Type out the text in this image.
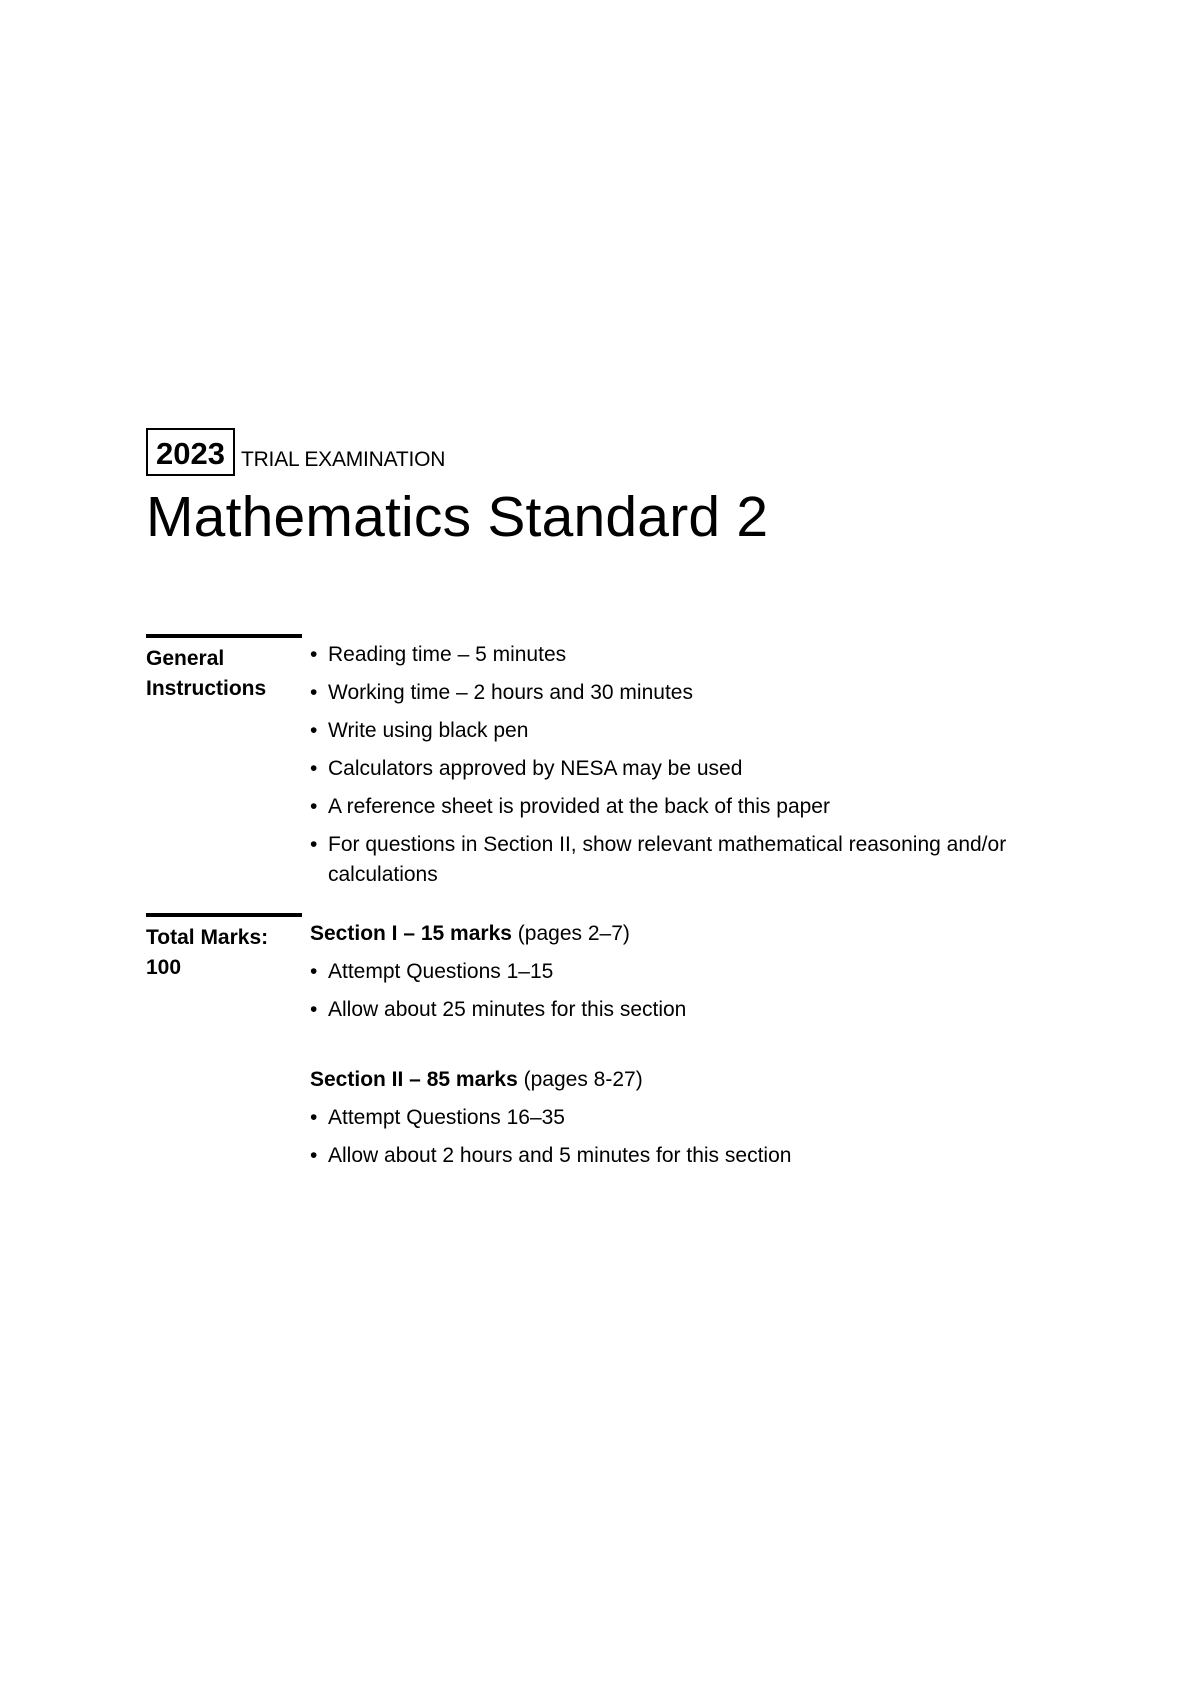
2023 TRIAL EXAMINATION
Mathematics Standard 2
General
Instructions
• Reading time – 5 minutes
• Working time – 2 hours and 30 minutes
• Write using black pen
• Calculators approved by NESA may be used
• A reference sheet is provided at the back of this paper
• For questions in Section II, show relevant mathematical reasoning and/or calculations
Total Marks:
100
Section I – 15 marks (pages 2–7)
• Attempt Questions 1–15
• Allow about 25 minutes for this section
Section II – 85 marks (pages 8-27)
• Attempt Questions 16–35
• Allow about 2 hours and 5 minutes for this section
